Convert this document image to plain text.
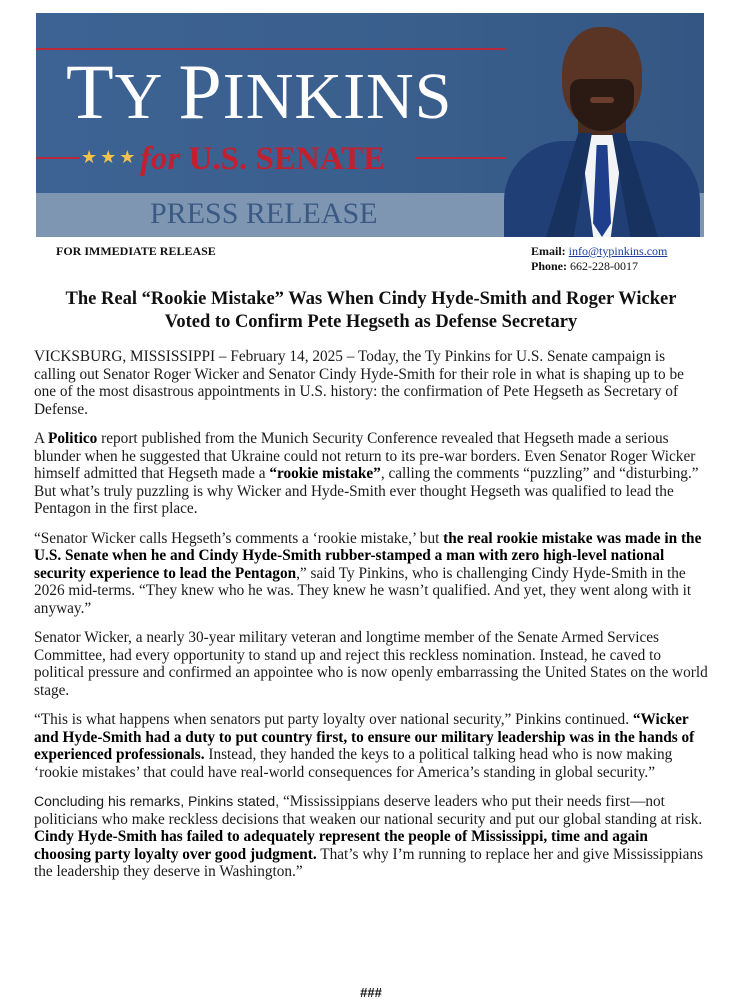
TY PINKINS
★★★ for U.S. SENATE
PRESS RELEASE
FOR IMMEDIATE RELEASE	Email: info@typinkins.com
Phone: 662-228-0017
The Real “Rookie Mistake” Was When Cindy Hyde-Smith and Roger Wicker
Voted to Confirm Pete Hegseth as Defense Secretary

VICKSBURG, MISSISSIPPI – February 14, 2025 – Today, the Ty Pinkins for U.S. Senate campaign is calling out Senator Roger Wicker and Senator Cindy Hyde-Smith for their role in what is shaping up to be one of the most disastrous appointments in U.S. history: the confirmation of Pete Hegseth as Secretary of Defense.

A Politico report published from the Munich Security Conference revealed that Hegseth made a serious blunder when he suggested that Ukraine could not return to its pre-war borders. Even Senator Roger Wicker himself admitted that Hegseth made a “rookie mistake”, calling the comments “puzzling” and “disturbing.” But what’s truly puzzling is why Wicker and Hyde-Smith ever thought Hegseth was qualified to lead the Pentagon in the first place.

“Senator Wicker calls Hegseth’s comments a ‘rookie mistake,’ but the real rookie mistake was made in the U.S. Senate when he and Cindy Hyde-Smith rubber-stamped a man with zero high-level national security experience to lead the Pentagon,” said Ty Pinkins, who is challenging Cindy Hyde-Smith in the 2026 mid-terms. “They knew who he was. They knew he wasn’t qualified. And yet, they went along with it anyway.”

Senator Wicker, a nearly 30-year military veteran and longtime member of the Senate Armed Services Committee, had every opportunity to stand up and reject this reckless nomination. Instead, he caved to political pressure and confirmed an appointee who is now openly embarrassing the United States on the world stage.

“This is what happens when senators put party loyalty over national security,” Pinkins continued. “Wicker and Hyde-Smith had a duty to put country first, to ensure our military leadership was in the hands of experienced professionals. Instead, they handed the keys to a political talking head who is now making ‘rookie mistakes’ that could have real-world consequences for America’s standing in global security.”

Concluding his remarks, Pinkins stated, “Mississippians deserve leaders who put their needs first—not politicians who make reckless decisions that weaken our national security and put our global standing at risk. Cindy Hyde-Smith has failed to adequately represent the people of Mississippi, time and again choosing party loyalty over good judgment. That’s why I’m running to replace her and give Mississippians the leadership they deserve in Washington.”

###
